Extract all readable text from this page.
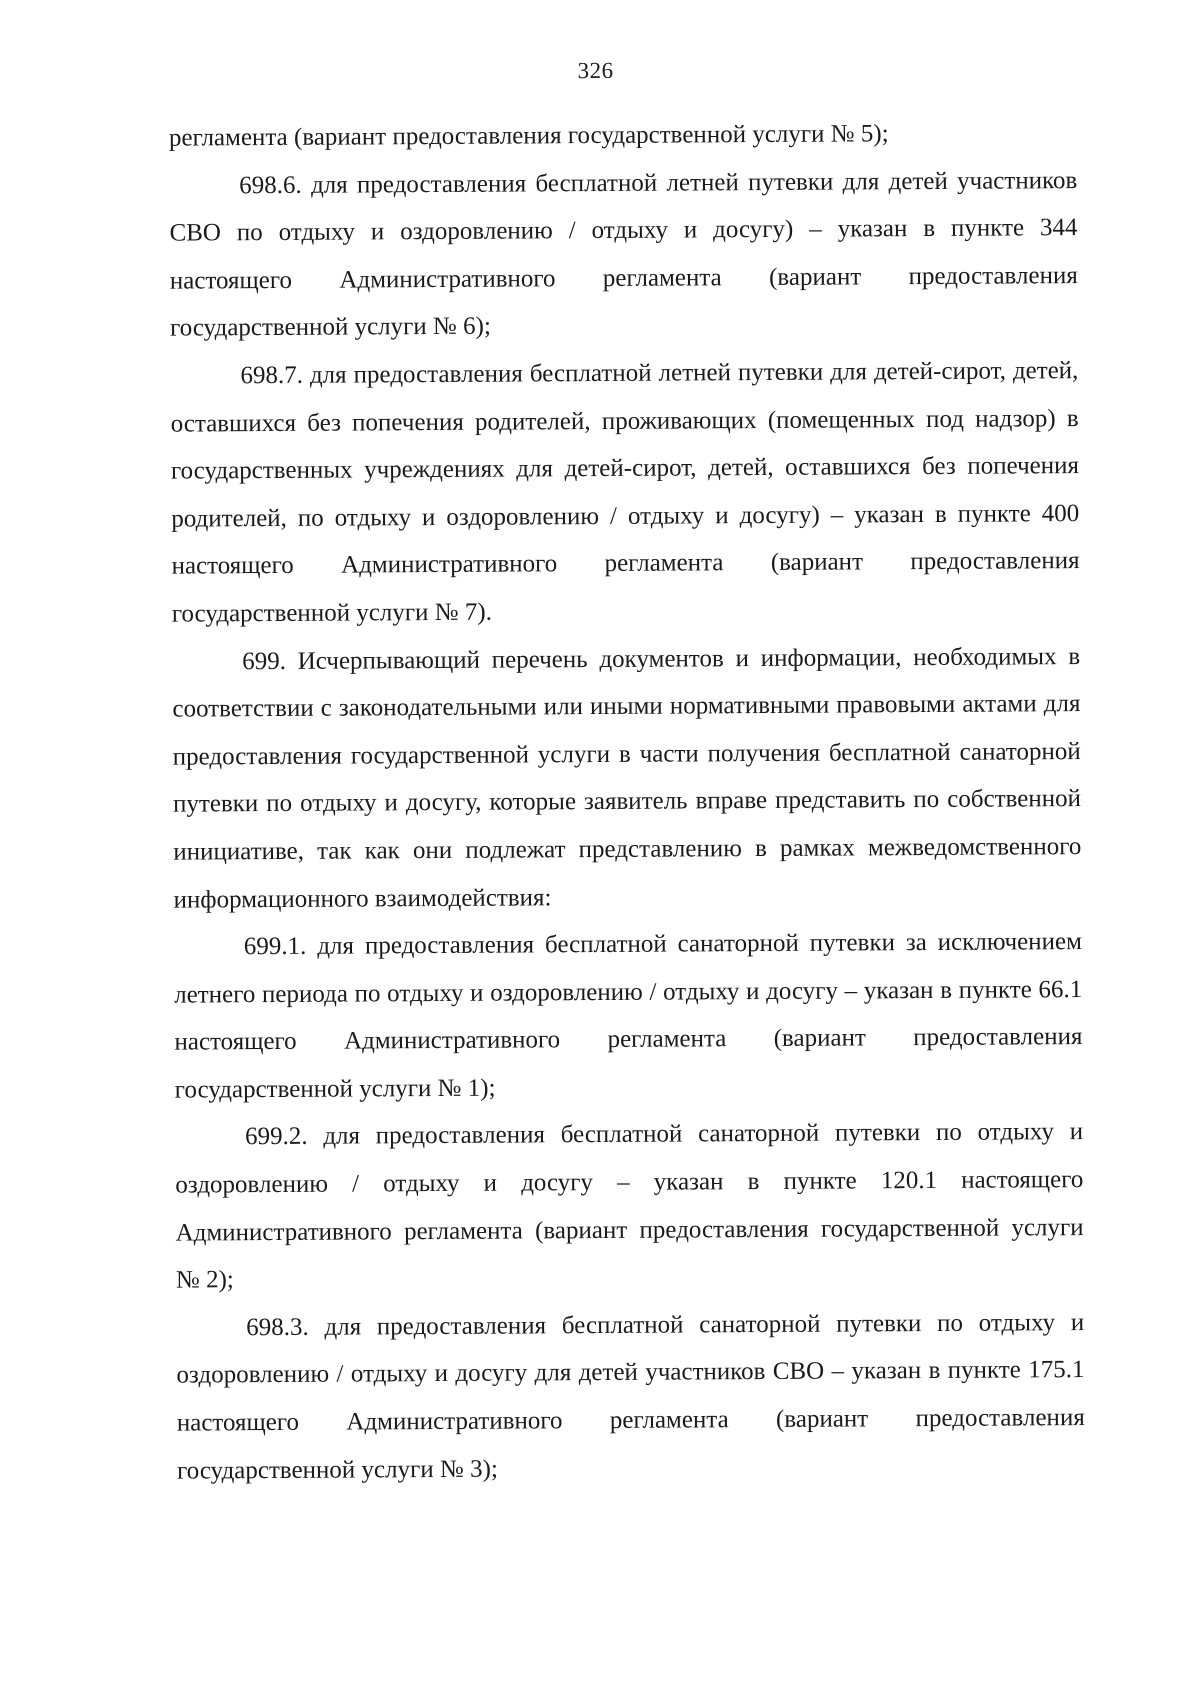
326

регламента (вариант предоставления государственной услуги № 5);

698.6. для предоставления бесплатной летней путевки для детей участников СВО по отдыху и оздоровлению / отдыху и досугу) – указан в пункте 344 настоящего Административного регламента (вариант предоставления государственной услуги № 6);

698.7. для предоставления бесплатной летней путевки для детей-сирот, детей, оставшихся без попечения родителей, проживающих (помещенных под надзор) в государственных учреждениях для детей-сирот, детей, оставшихся без попечения родителей, по отдыху и оздоровлению / отдыху и досугу) – указан в пункте 400 настоящего Административного регламента (вариант предоставления государственной услуги № 7).

699. Исчерпывающий перечень документов и информации, необходимых в соответствии с законодательными или иными нормативными правовыми актами для предоставления государственной услуги в части получения бесплатной санаторной путевки по отдыху и досугу, которые заявитель вправе представить по собственной инициативе, так как они подлежат представлению в рамках межведомственного информационного взаимодействия:

699.1. для предоставления бесплатной санаторной путевки за исключением летнего периода по отдыху и оздоровлению / отдыху и досугу – указан в пункте 66.1 настоящего Административного регламента (вариант предоставления государственной услуги № 1);

699.2. для предоставления бесплатной санаторной путевки по отдыху и оздоровлению / отдыху и досугу – указан в пункте 120.1 настоящего Административного регламента (вариант предоставления государственной услуги № 2);

698.3. для предоставления бесплатной санаторной путевки по отдыху и оздоровлению / отдыху и досугу для детей участников СВО – указан в пункте 175.1 настоящего Административного регламента (вариант предоставления государственной услуги № 3);
